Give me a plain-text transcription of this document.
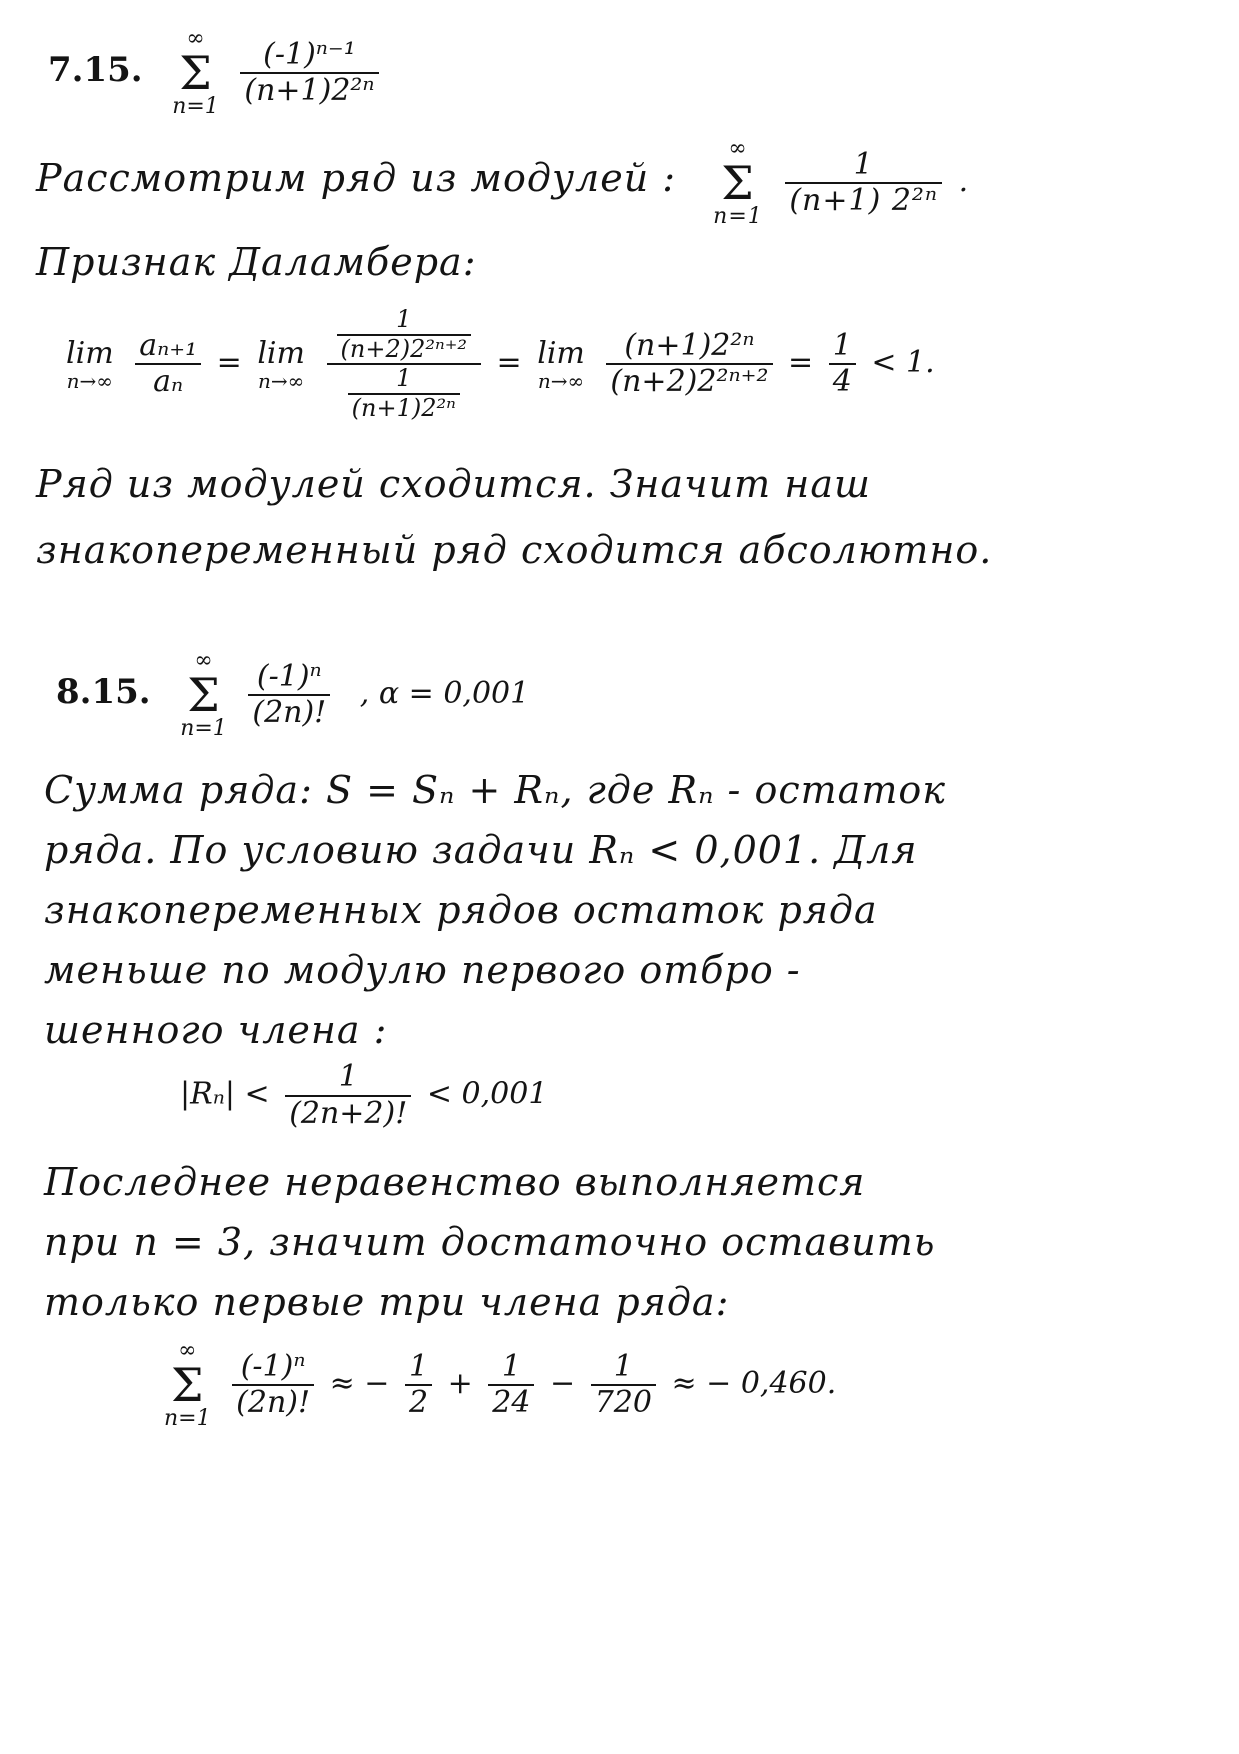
7.15.
∞
Σ
n=1
$\frac{\text{(-1)ⁿ⁻¹}}{\text{(n+1)2²ⁿ}}$
Рассмотрим ряд из модулей :
∞
Σ
n=1
$\frac{1}{\text{(n+1) 2²ⁿ}}$ .
Признак Даламбера:
lim
n→∞
$\frac{\text{aₙ₊₁}}{\text{aₙ}} = \lim$
n→∞
$\frac{\frac{1}{\text{(n+2)2²ⁿ⁺²}}}{\frac{1}{\text{(n+1)2²ⁿ}}} = \lim$
n→∞
$\frac{\text{(n+1)2²ⁿ}}{\text{(n+2)2²ⁿ⁺²}} = \frac{1}{4} < 1$.
Ряд из модулей сходится. Значит наш
знакопеременный ряд сходится абсолютно.
8.15.
∞
Σ
n=1
$\frac{\text{(-1)ⁿ}}{(2n)!}$ , α = 0,001
Сумма ряда: S = Sₙ + Rₙ, где Rₙ - остаток
ряда. По условию задачи Rₙ < 0,001. Для
знакопеременных рядов остаток ряда
меньше по модулю первого отбро -
шенного члена :
$|R_n| < \frac{1}{(2n+2)!} < 0,001$
Последнее неравенство выполняется
при n = 3, значит достаточно оставить
только первые три члена ряда:
∞
Σ
n=1
$\frac{\text{(-1)ⁿ}}{(2n)!}$ ≈ − $\frac{1}{2} + \frac{1}{24} - \frac{1}{720}$ ≈ − 0,460.
